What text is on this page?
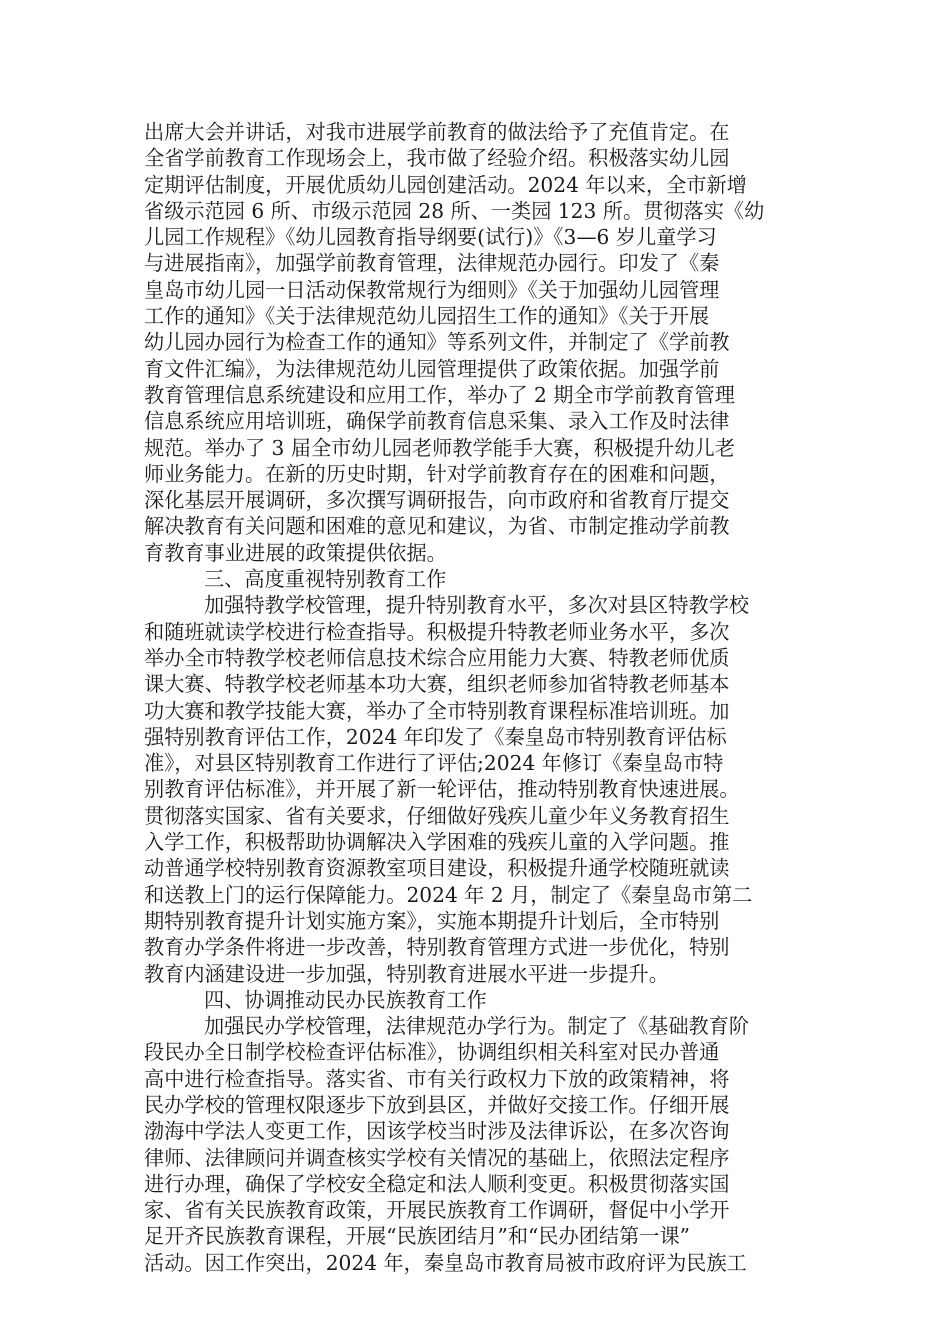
出席大会并讲话，对我市进展学前教育的做法给予了充值肯定。在
全省学前教育工作现场会上，我市做了经验介绍。积极落实幼儿园
定期评估制度，开展优质幼儿园创建活动。2024 年以来，全市新增
省级示范园 6 所、市级示范园 28 所、一类园 123 所。贯彻落实《幼
儿园工作规程》《幼儿园教育指导纲要(试行)》《3—6 岁儿童学习
与进展指南》，加强学前教育管理，法律规范办园行。印发了《秦
皇岛市幼儿园一日活动保教常规行为细则》《关于加强幼儿园管理
工作的通知》《关于法律规范幼儿园招生工作的通知》《关于开展
幼儿园办园行为检查工作的通知》等系列文件，并制定了《学前教
育文件汇编》，为法律规范幼儿园管理提供了政策依据。加强学前
教育管理信息系统建设和应用工作，举办了 2 期全市学前教育管理
信息系统应用培训班，确保学前教育信息采集、录入工作及时法律
规范。举办了 3 届全市幼儿园老师教学能手大赛，积极提升幼儿老
师业务能力。在新的历史时期，针对学前教育存在的困难和问题，
深化基层开展调研，多次撰写调研报告，向市政府和省教育厅提交
解决教育有关问题和困难的意见和建议，为省、市制定推动学前教
育教育事业进展的政策提供依据。
三、高度重视特别教育工作
加强特教学校管理，提升特别教育水平，多次对县区特教学校
和随班就读学校进行检查指导。积极提升特教老师业务水平，多次
举办全市特教学校老师信息技术综合应用能力大赛、特教老师优质
课大赛、特教学校老师基本功大赛，组织老师参加省特教老师基本
功大赛和教学技能大赛，举办了全市特别教育课程标准培训班。加
强特别教育评估工作，2024 年印发了《秦皇岛市特别教育评估标
准》，对县区特别教育工作进行了评估;2024 年修订《秦皇岛市特
别教育评估标准》，并开展了新一轮评估，推动特别教育快速进展。
贯彻落实国家、省有关要求，仔细做好残疾儿童少年义务教育招生
入学工作，积极帮助协调解决入学困难的残疾儿童的入学问题。推
动普通学校特别教育资源教室项目建设，积极提升通学校随班就读
和送教上门的运行保障能力。2024 年 2 月，制定了《秦皇岛市第二
期特别教育提升计划实施方案》，实施本期提升计划后，全市特别
教育办学条件将进一步改善，特别教育管理方式进一步优化，特别
教育内涵建设进一步加强，特别教育进展水平进一步提升。
四、协调推动民办民族教育工作
加强民办学校管理，法律规范办学行为。制定了《基础教育阶
段民办全日制学校检查评估标准》，协调组织相关科室对民办普通
高中进行检查指导。落实省、市有关行政权力下放的政策精神，将
民办学校的管理权限逐步下放到县区，并做好交接工作。仔细开展
渤海中学法人变更工作，因该学校当时涉及法律诉讼，在多次咨询
律师、法律顾问并调查核实学校有关情况的基础上，依照法定程序
进行办理，确保了学校安全稳定和法人顺利变更。积极贯彻落实国
家、省有关民族教育政策，开展民族教育工作调研，督促中小学开
足开齐民族教育课程，开展“民族团结月”和“民办团结第一课”
活动。因工作突出，2024 年，秦皇岛市教育局被市政府评为民族工
